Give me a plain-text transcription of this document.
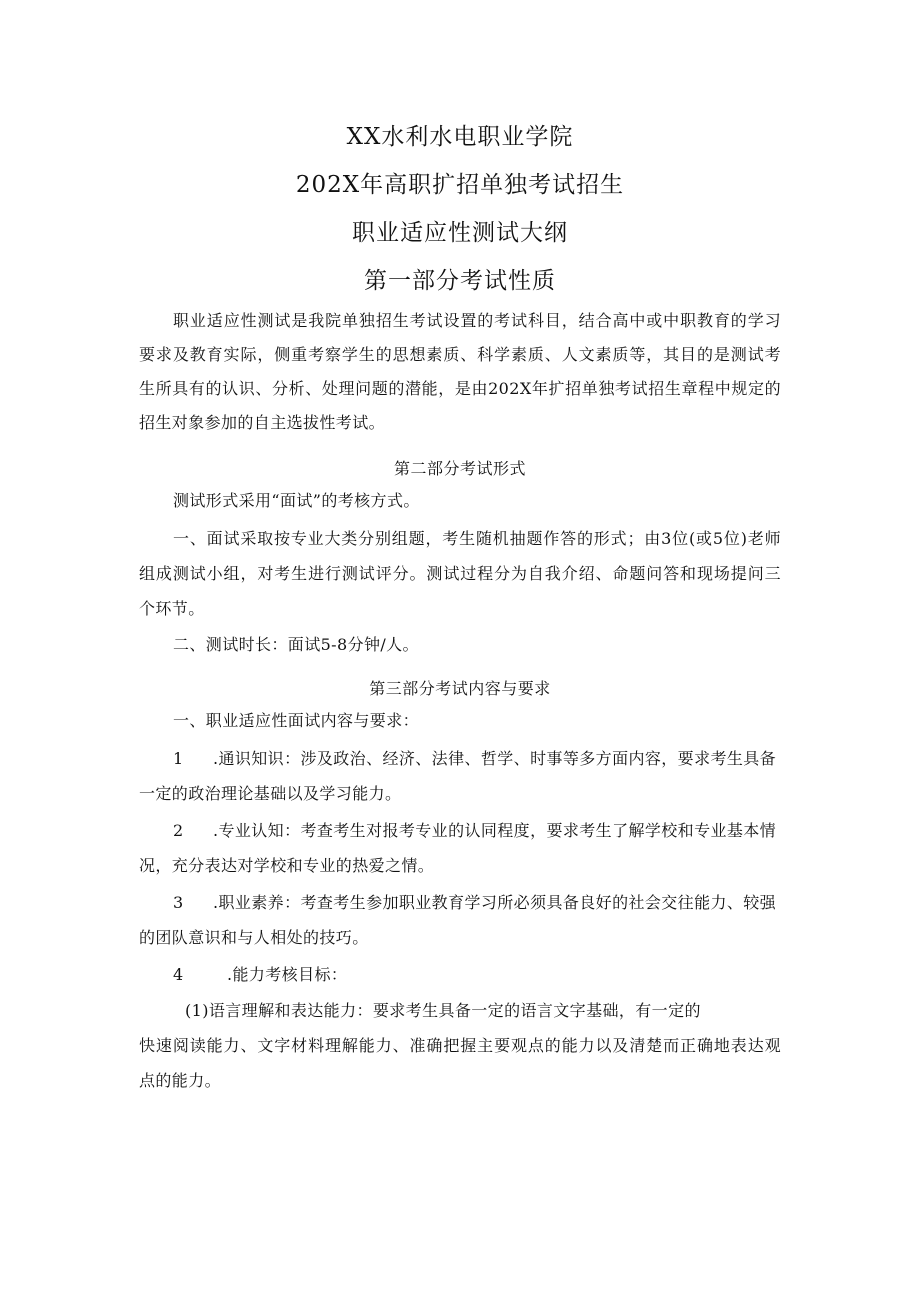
XX水利水电职业学院
202X年高职扩招单独考试招生
职业适应性测试大纲
第一部分考试性质
职业适应性测试是我院单独招生考试设置的考试科目，结合高中或中职教育的学习
要求及教育实际，侧重考察学生的思想素质、科学素质、人文素质等，其目的是测试考
生所具有的认识、分析、处理问题的潜能，是由202X年扩招单独考试招生章程中规定的
招生对象参加的自主选拔性考试。
第二部分考试形式
测试形式采用“面试”的考核方式。
一、面试采取按专业大类分别组题，考生随机抽题作答的形式；由3位(或5位)老师
组成测试小组，对考生进行测试评分。测试过程分为自我介绍、命题问答和现场提问三
个环节。
二、测试时长：面试5-8分钟/人。
第三部分考试内容与要求
一、职业适应性面试内容与要求：
1 .通识知识：涉及政治、经济、法律、哲学、时事等多方面内容，要求考生具备
一定的政治理论基础以及学习能力。
2 .专业认知：考查考生对报考专业的认同程度，要求考生了解学校和专业基本情
况，充分表达对学校和专业的热爱之情。
3 .职业素养：考查考生参加职业教育学习所必须具备良好的社会交往能力、较强
的团队意识和与人相处的技巧。
4	.能力考核目标：
(1)语言理解和表达能力：要求考生具备一定的语言文字基础，有一定的
快速阅读能力、文字材料理解能力、准确把握主要观点的能力以及清楚而正确地表达观
点的能力。
